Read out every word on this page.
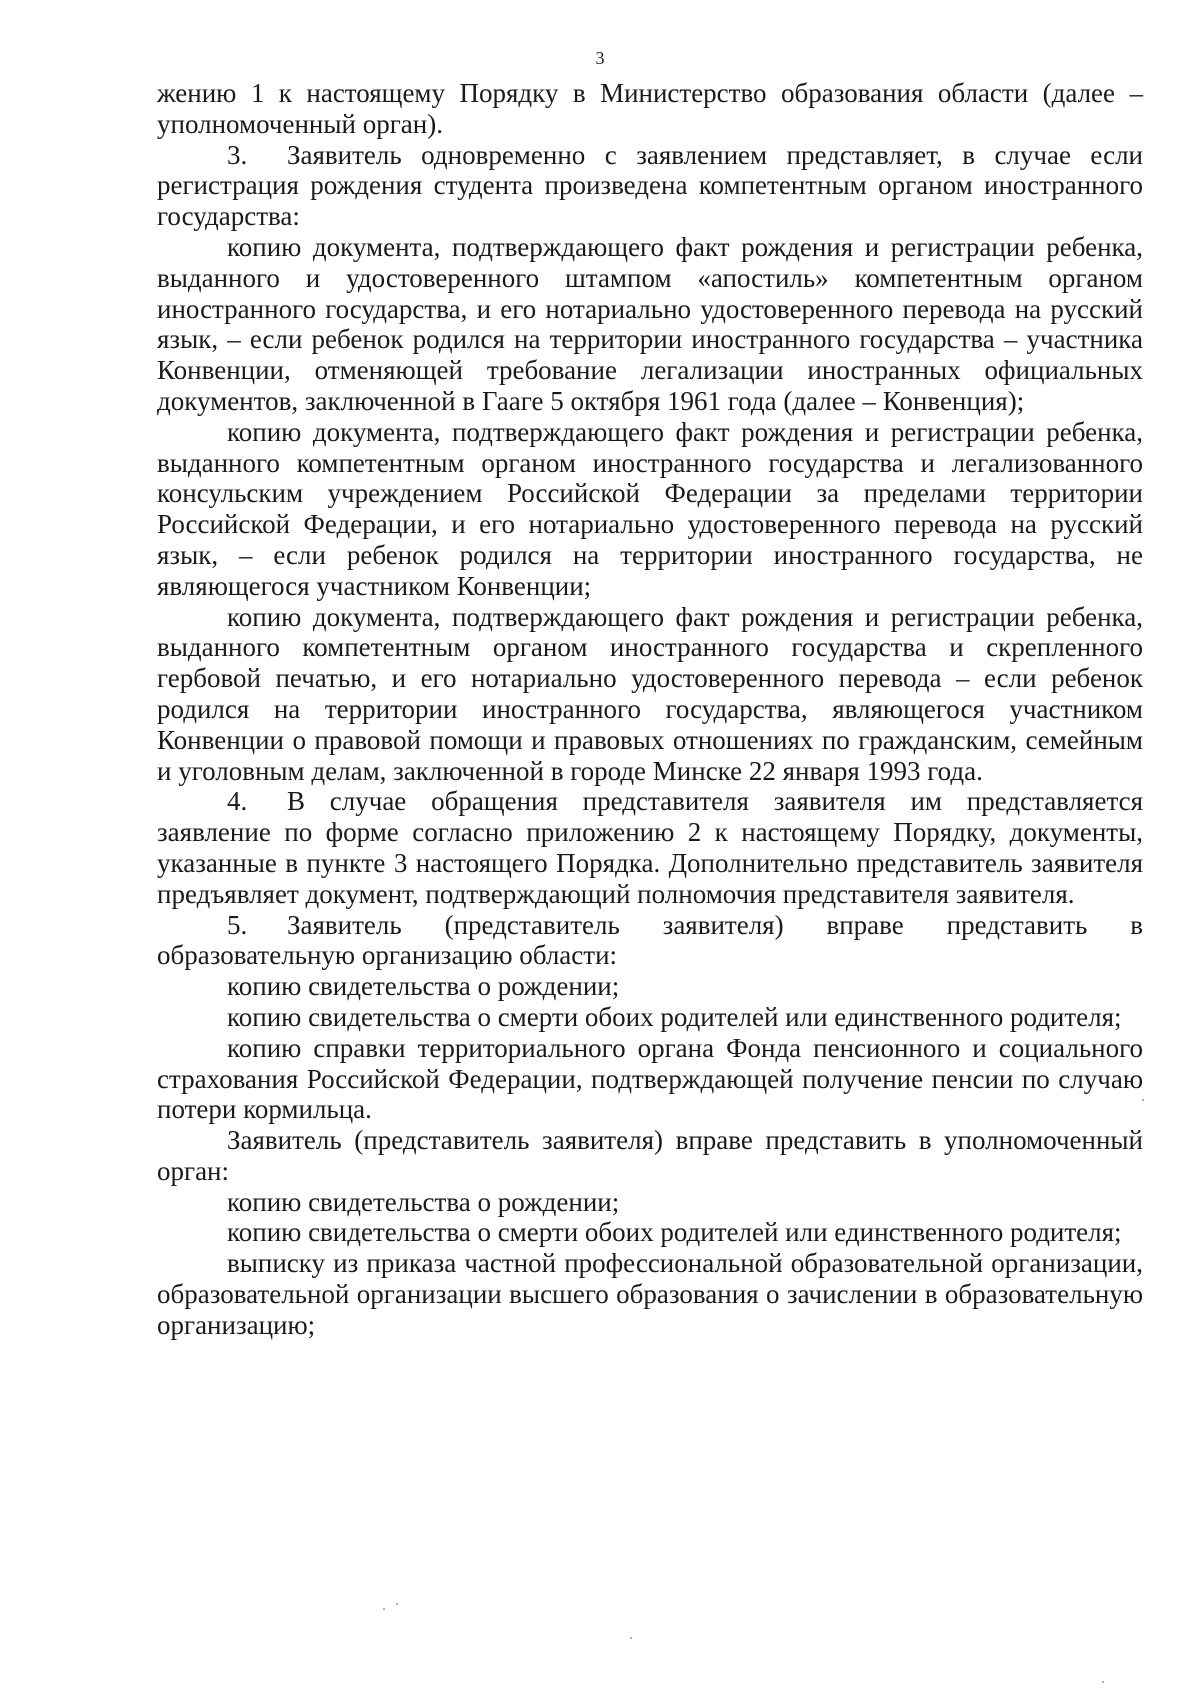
3

жению 1 к настоящему Порядку в Министерство образования области (далее – уполномоченный орган).

3. Заявитель одновременно с заявлением представляет, в случае если регистрация рождения студента произведена компетентным органом иностранного государства:

копию документа, подтверждающего факт рождения и регистрации ребенка, выданного и удостоверенного штампом «апостиль» компетентным органом иностранного государства, и его нотариально удостоверенного перевода на русский язык, – если ребенок родился на территории иностранного государства – участника Конвенции, отменяющей требование легализации иностранных официальных документов, заключенной в Гааге 5 октября 1961 года (далее – Конвенция);

копию документа, подтверждающего факт рождения и регистрации ребенка, выданного компетентным органом иностранного государства и легализованного консульским учреждением Российской Федерации за пределами территории Российской Федерации, и его нотариально удостоверенного перевода на русский язык, – если ребенок родился на территории иностранного государства, не являющегося участником Конвенции;

копию документа, подтверждающего факт рождения и регистрации ребенка, выданного компетентным органом иностранного государства и скрепленного гербовой печатью, и его нотариально удостоверенного перевода – если ребенок родился на территории иностранного государства, являющегося участником Конвенции о правовой помощи и правовых отношениях по гражданским, семейным и уголовным делам, заключенной в городе Минске 22 января 1993 года.

4. В случае обращения представителя заявителя им представляется заявление по форме согласно приложению 2 к настоящему Порядку, документы, указанные в пункте 3 настоящего Порядка. Дополнительно представитель заявителя предъявляет документ, подтверждающий полномочия представителя заявителя.

5. Заявитель (представитель заявителя) вправе представить в образовательную организацию области:

копию свидетельства о рождении;

копию свидетельства о смерти обоих родителей или единственного родителя;

копию справки территориального органа Фонда пенсионного и социального страхования Российской Федерации, подтверждающей получение пенсии по случаю потери кормильца.

Заявитель (представитель заявителя) вправе представить в уполномоченный орган:

копию свидетельства о рождении;

копию свидетельства о смерти обоих родителей или единственного родителя;

выписку из приказа частной профессиональной образовательной организации, образовательной организации высшего образования о зачислении в образовательную организацию;
